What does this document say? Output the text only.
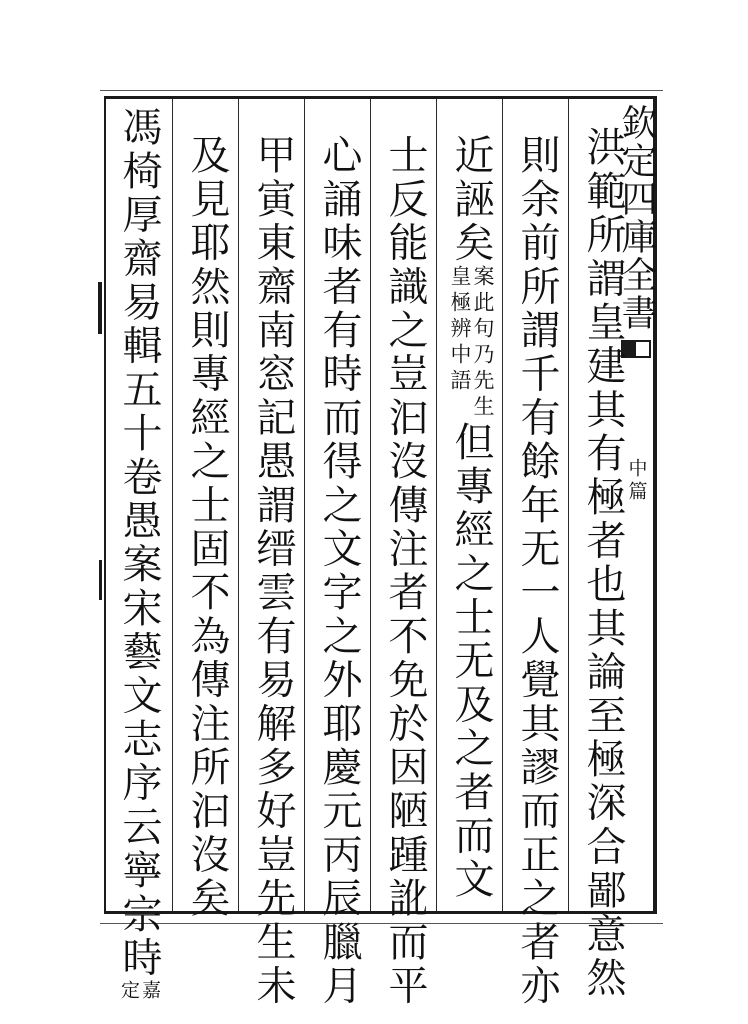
欽定四庫全書
中篇
洪範所謂皇建其有極者也其論至極深合鄙意然
則余前所謂千有餘年无一人覺其謬而正之者亦
近誣矣
案此句乃先生
皇極辨中語
但專經之士无及之者而文
士反能識之豈汩沒傳注者不免於因陋踵訛而平
心誦味者有時而得之文字之外耶慶元丙辰臘月
甲寅東齋南窓記愚謂缙雲有易解多好豈先生未
及見耶然則專經之士固不為傳注所汩沒矣
馮椅厚齋易輯五十卷愚案宋藝文志序云寧宗時
嘉
定
